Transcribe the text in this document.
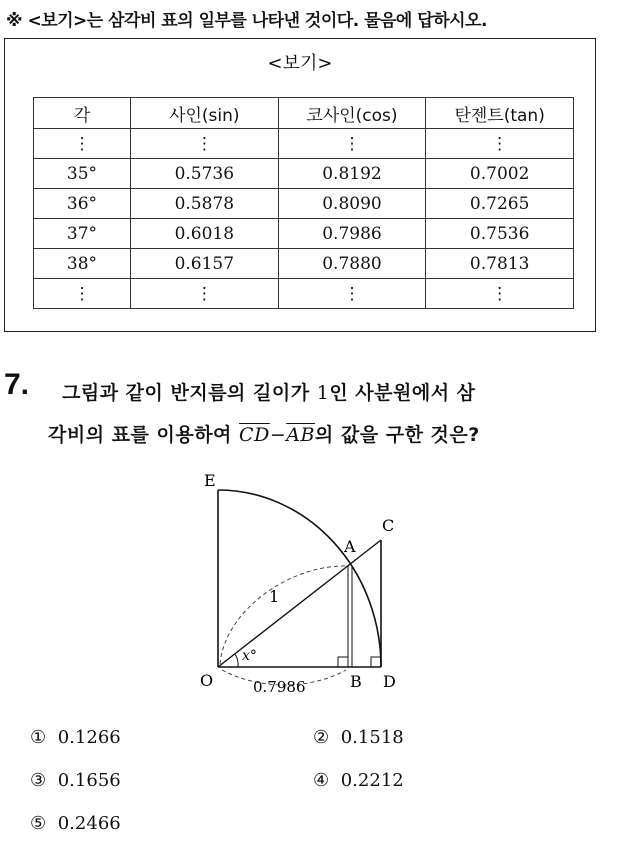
※ <보기>는 삼각비 표의 일부를 나타낸 것이다. 물음에 답하시오.
<보기>
각	사인(sin)	코사인(cos)	탄젠트(tan)
⋮	⋮	⋮	⋮
35°	0.5736	0.8192	0.7002
36°	0.5878	0.8090	0.7265
37°	0.6018	0.7986	0.7536
38°	0.6157	0.7880	0.7813
⋮	⋮	⋮	⋮
7. 그림과 같이 반지름의 길이가 1인 사분원에서 삼
각비의 표를 이용하여 $\overline{CD}-\overline{AB}$의 값을 구한 것은?
E
C
A
O	B D
1
x°
0.7986
① 0.1266	② 0.1518
③ 0.1656	④ 0.2212
⑤ 0.2466
